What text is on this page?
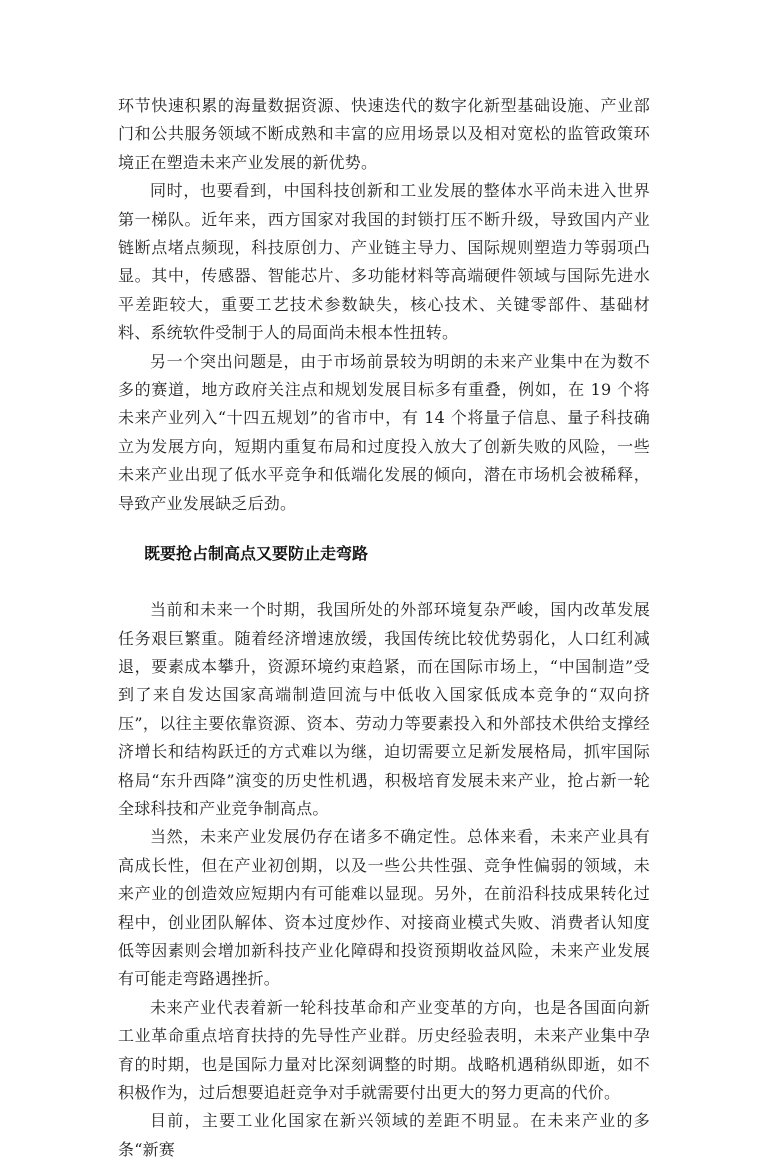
环节快速积累的海量数据资源、快速迭代的数字化新型基础设施、产业部门和公共服务领域不断成熟和丰富的应用场景以及相对宽松的监管政策环境正在塑造未来产业发展的新优势。

同时，也要看到，中国科技创新和工业发展的整体水平尚未进入世界第一梯队。近年来，西方国家对我国的封锁打压不断升级，导致国内产业链断点堵点频现，科技原创力、产业链主导力、国际规则塑造力等弱项凸显。其中，传感器、智能芯片、多功能材料等高端硬件领域与国际先进水平差距较大，重要工艺技术参数缺失，核心技术、关键零部件、基础材料、系统软件受制于人的局面尚未根本性扭转。

另一个突出问题是，由于市场前景较为明朗的未来产业集中在为数不多的赛道，地方政府关注点和规划发展目标多有重叠，例如，在 19 个将未来产业列入“十四五规划”的省市中，有 14 个将量子信息、量子科技确立为发展方向，短期内重复布局和过度投入放大了创新失败的风险，一些未来产业出现了低水平竞争和低端化发展的倾向，潜在市场机会被稀释，导致产业发展缺乏后劲。

既要抢占制高点又要防止走弯路

当前和未来一个时期，我国所处的外部环境复杂严峻，国内改革发展任务艰巨繁重。随着经济增速放缓，我国传统比较优势弱化，人口红利减退，要素成本攀升，资源环境约束趋紧，而在国际市场上，“中国制造”受到了来自发达国家高端制造回流与中低收入国家低成本竞争的“双向挤压”，以往主要依靠资源、资本、劳动力等要素投入和外部技术供给支撑经济增长和结构跃迁的方式难以为继，迫切需要立足新发展格局，抓牢国际格局“东升西降”演变的历史性机遇，积极培育发展未来产业，抢占新一轮全球科技和产业竞争制高点。

当然，未来产业发展仍存在诸多不确定性。总体来看，未来产业具有高成长性，但在产业初创期，以及一些公共性强、竞争性偏弱的领域，未来产业的创造效应短期内有可能难以显现。另外，在前沿科技成果转化过程中，创业团队解体、资本过度炒作、对接商业模式失败、消费者认知度低等因素则会增加新科技产业化障碍和投资预期收益风险，未来产业发展有可能走弯路遇挫折。

未来产业代表着新一轮科技革命和产业变革的方向，也是各国面向新工业革命重点培育扶持的先导性产业群。历史经验表明，未来产业集中孕育的时期，也是国际力量对比深刻调整的时期。战略机遇稍纵即逝，如不积极作为，过后想要追赶竞争对手就需要付出更大的努力更高的代价。

目前，主要工业化国家在新兴领域的差距不明显。在未来产业的多条“新赛
